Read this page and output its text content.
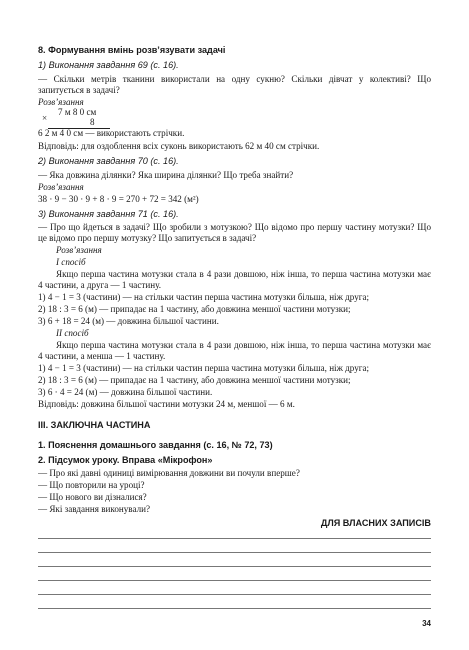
8. Формування вмінь розв’язувати задачі
1) Виконання завдання 69 (с. 16).
— Скільки метрів тканини використали на одну сукню? Скільки дівчат у колективі? Що
запитується в задачі?
Розв’язання
7 м 8 0 см
×	8
6 2 м 4 0 см — використають стрічки.
Відповідь: для оздоблення всіх суконь використають 62 м 40 см стрічки.
2) Виконання завдання 70 (с. 16).
— Яка довжина ділянки? Яка ширина ділянки? Що треба знайти?
Розв’язання
38 · 9 − 30 · 9 + 8 · 9 = 270 + 72 = 342 (м²)
3) Виконання завдання 71 (с. 16).
— Про що йдеться в задачі? Що зробили з мотузкою? Що відомо про першу частину мотузки? Що
це відомо про першу мотузку? Що запитується в задачі?
Розв’язання
I спосіб
Якщо перша частина мотузки стала в 4 рази довшою, ніж інша, то перша частина мотузки має
4 частини, а друга — 1 частину.
1) 4 − 1 = 3 (частини) — на стільки частин перша частина мотузки більша, ніж друга;
2) 18 : 3 = 6 (м) — припадає на 1 частину, або довжина меншої частини мотузки;
3) 6 + 18 = 24 (м) — довжина більшої частини.
II спосіб
Якщо перша частина мотузки стала в 4 рази довшою, ніж інша, то перша частина мотузки має
4 частини, а менша — 1 частину.
1) 4 − 1 = 3 (частини) — на стільки частин перша частина мотузки більша, ніж друга;
2) 18 : 3 = 6 (м) — припадає на 1 частину, або довжина меншої частини мотузки;
3) 6 · 4 = 24 (м) — довжина більшої частини.
Відповідь: довжина більшої частини мотузки 24 м, меншої — 6 м.
III. ЗАКЛЮЧНА ЧАСТИНА
1. Пояснення домашнього завдання (с. 16, № 72, 73)
2. Підсумок уроку. Вправа «Мікрофон»
— Про які давні одиниці вимірювання довжини ви почули вперше?
— Що повторили на уроці?
— Що нового ви дізналися?
— Які завдання виконували?
ДЛЯ ВЛАСНИХ ЗАПИСІВ
34
